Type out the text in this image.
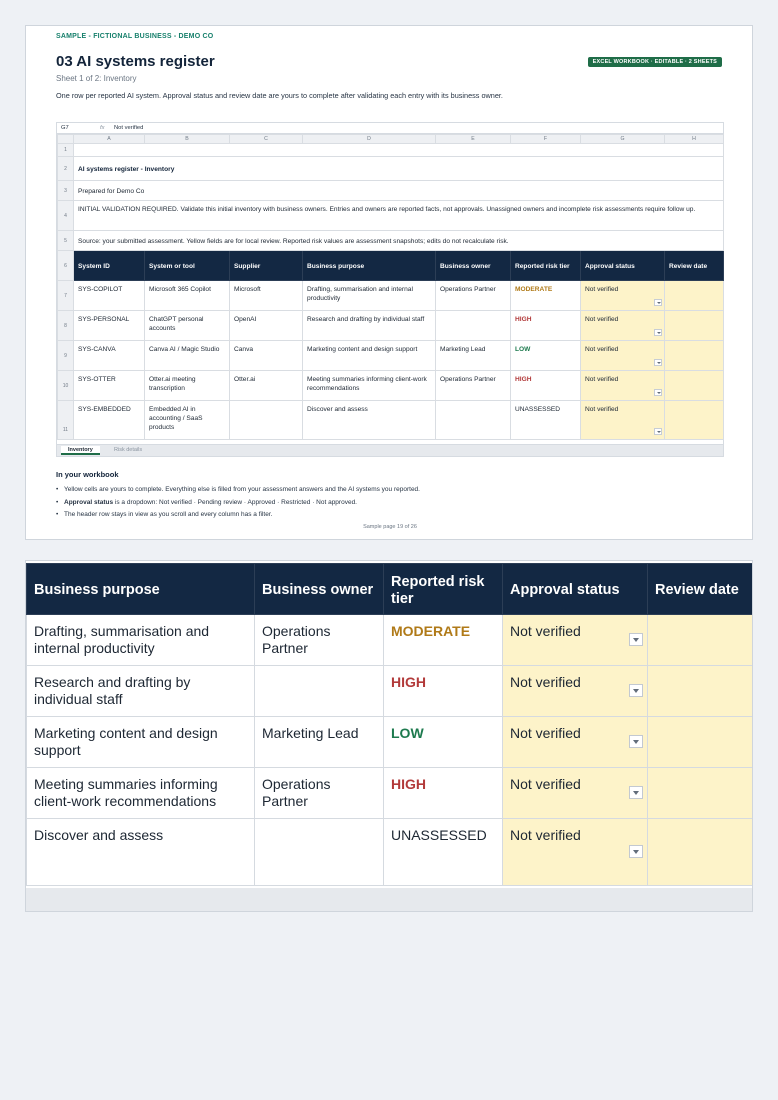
SAMPLE - FICTIONAL BUSINESS - DEMO CO
03 AI systems register
Sheet 1 of 2: Inventory
EXCEL WORKBOOK · EDITABLE · 2 SHEETS
One row per reported AI system. Approval status and review date are yours to complete after validating each entry with its business owner.
G7	fx Not verified
	A	B	C	D	E	F	G	H
1								
2	AI systems register - Inventory							
3	Prepared for Demo Co							
4	INITIAL VALIDATION REQUIRED. Validate this initial inventory with business owners. Entries and owners are reported facts, not approvals. Unassigned owners and incomplete risk assessments require follow up.							
5	Source: your submitted assessment. Yellow fields are for local review. Reported risk values are assessment snapshots; edits do not recalculate risk.							
6	System ID	System or tool	Supplier	Business purpose	Business owner	Reported risk tier	Approval status	Review date
7	SYS-COPILOT	Microsoft 365 Copilot	Microsoft	Drafting, summarisation and internal productivity	Operations Partner	MODERATE	Not verified

8	SYS-PERSONAL	ChatGPT personal accounts	OpenAI	Research and drafting by individual staff		HIGH	Not verified

9	SYS-CANVA	Canva AI / Magic Studio	Canva	Marketing content and design support	Marketing Lead	LOW	Not verified

10	SYS-OTTER	Otter.ai meeting transcription	Otter.ai	Meeting summaries informing client-work recommendations	Operations Partner	HIGH	Not verified

11	SYS-EMBEDDED	Embedded AI in accounting / SaaS products		Discover and assess		UNASSESSED	Not verified

Inventory	Risk details
In your workbook
• Yellow cells are yours to complete. Everything else is filled from your assessment answers and the AI systems you reported.
• Approval status is a dropdown: Not verified · Pending review · Approved · Restricted · Not approved.
• The header row stays in view as you scroll and every column has a filter.
Sample page 19 of 26
Business purpose	Business owner	Reported risk tier	Approval status	Review date
Drafting, summarisation and internal productivity	Operations Partner	MODERATE	Not verified

Research and drafting by individual staff		HIGH	Not verified

Marketing content and design support	Marketing Lead	LOW	Not verified

Meeting summaries informing client-work recommendations	Operations Partner	HIGH	Not verified

Discover and assess		UNASSESSED	Not verified
